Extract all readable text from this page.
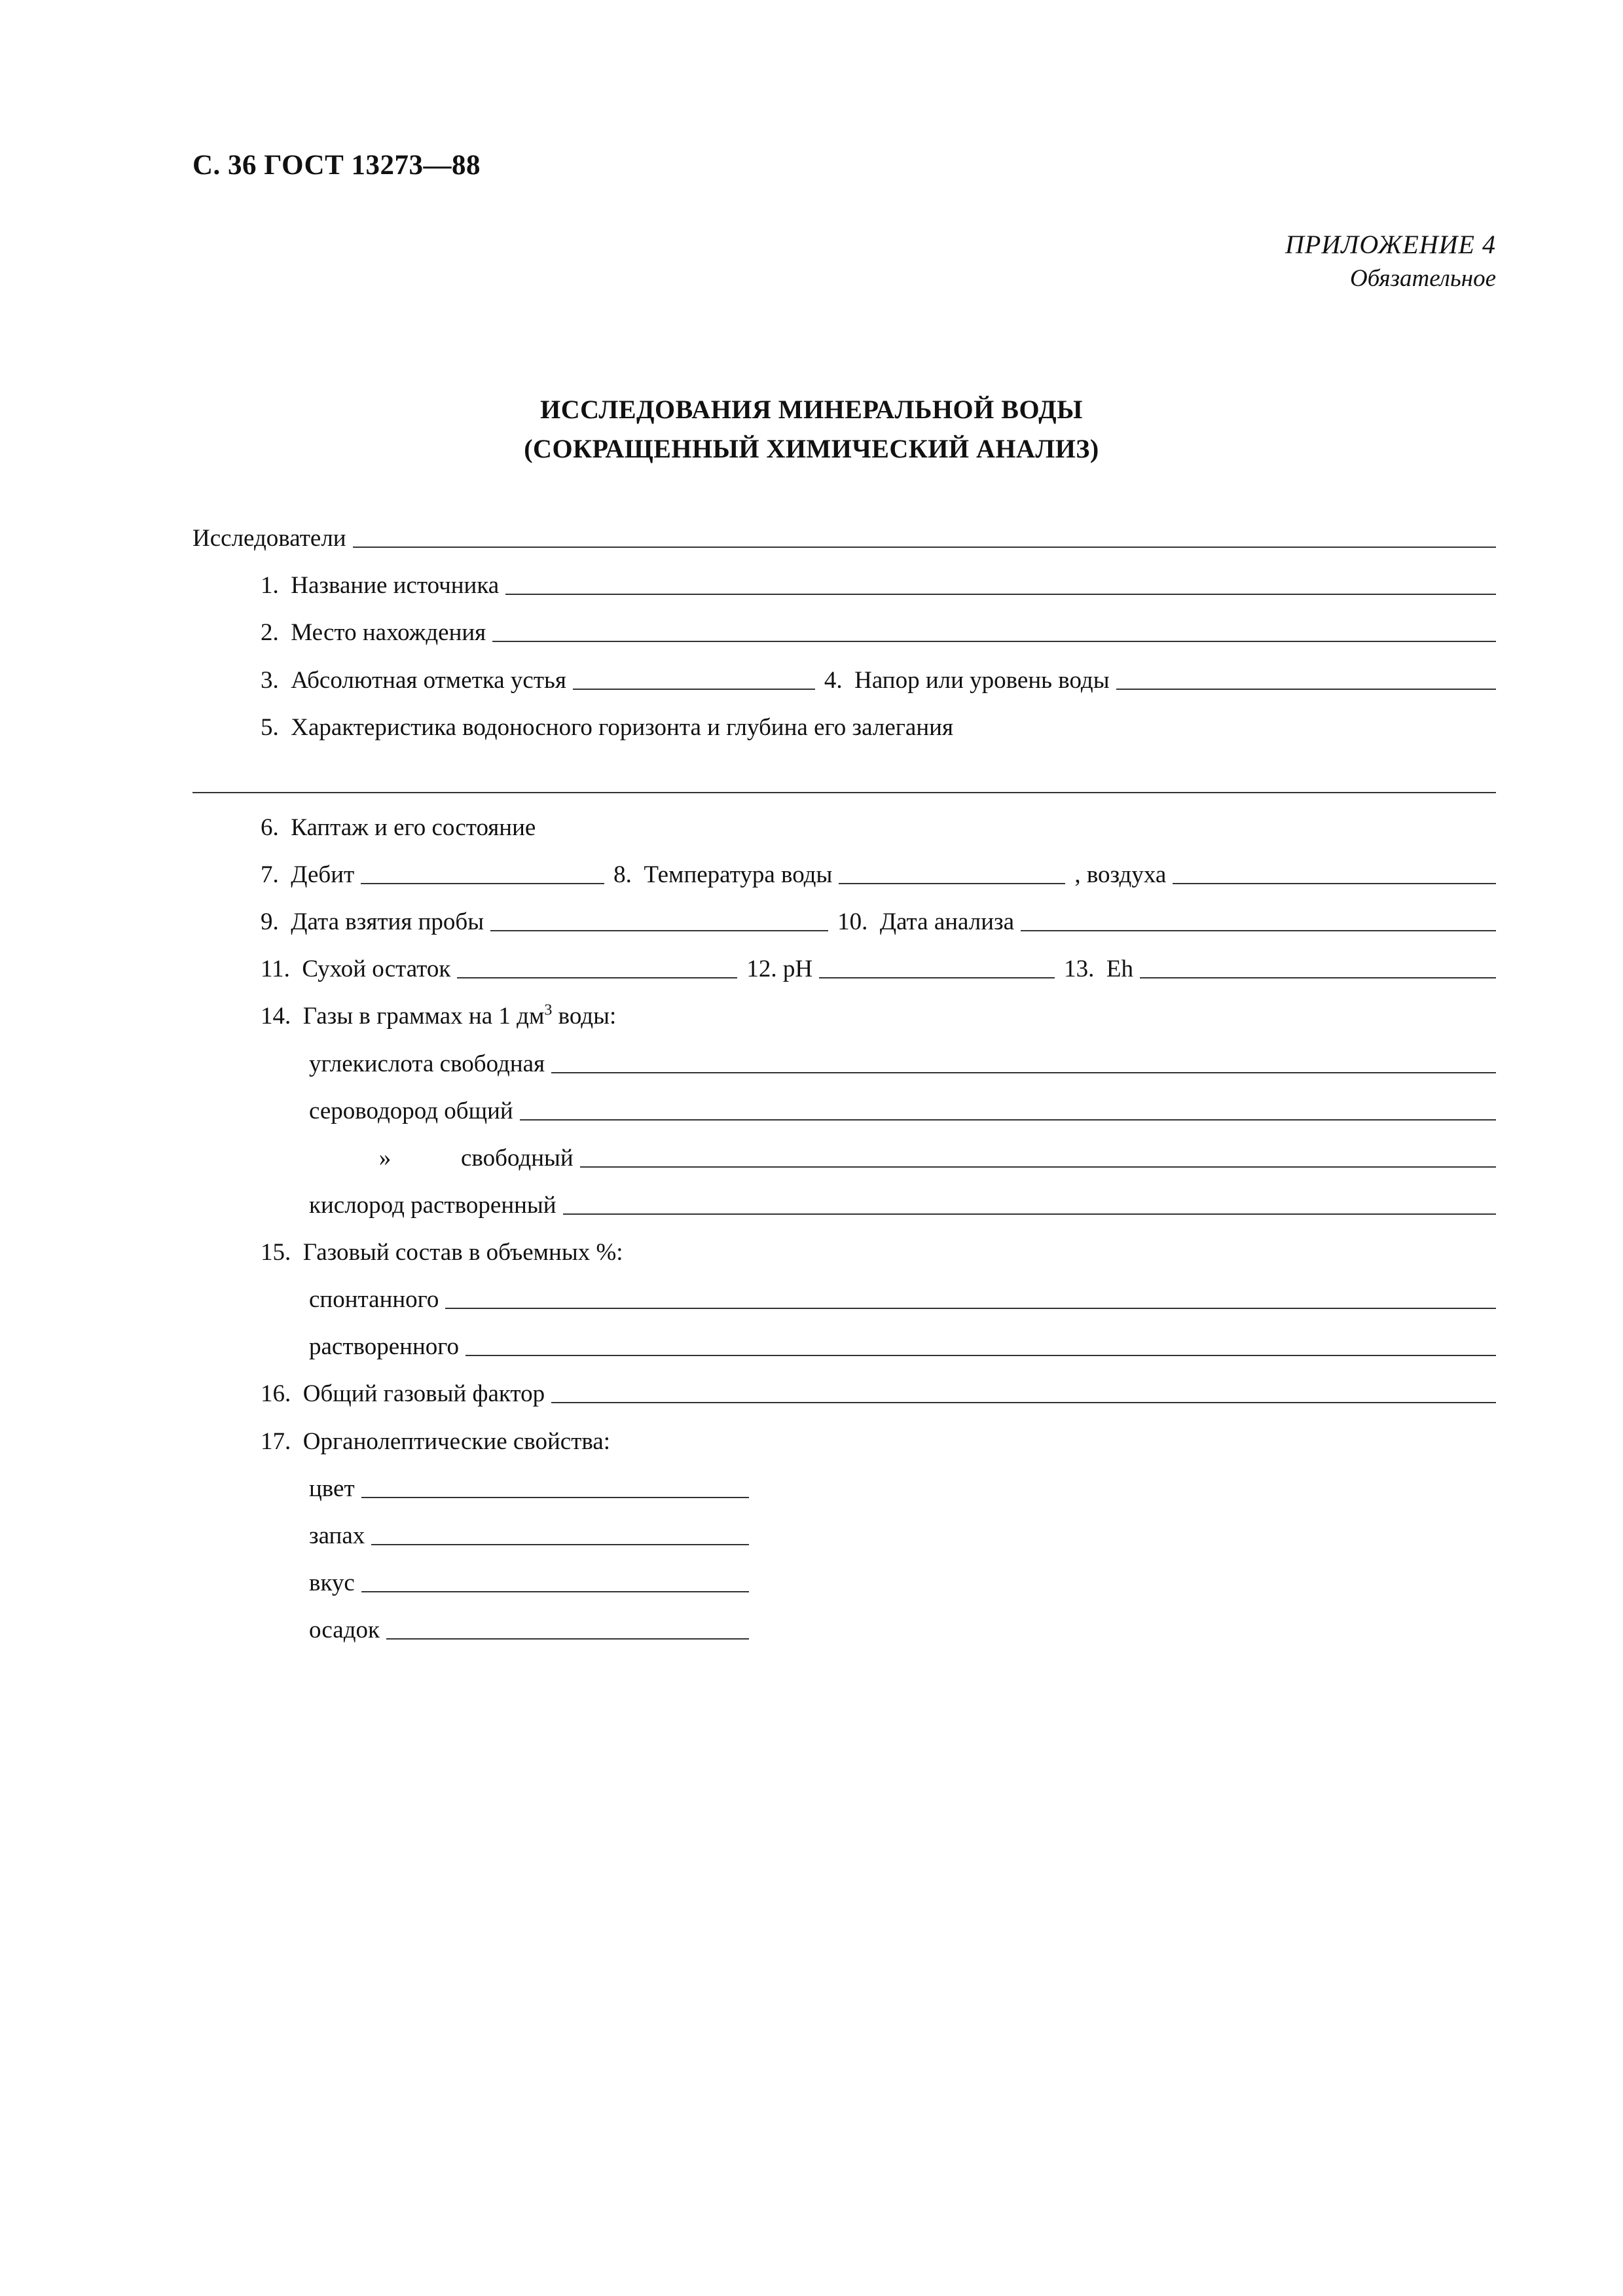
С. 36 ГОСТ 13273—88
ПРИЛОЖЕНИЕ 4
Обязательное
ИССЛЕДОВАНИЯ МИНЕРАЛЬНОЙ ВОДЫ
(СОКРАЩЕННЫЙ ХИМИЧЕСКИЙ АНАЛИЗ)
Исследователи
1.  Название источника
2.  Место нахождения
3.  Абсолютная отметка устья	4.  Напор или уровень воды
5.  Характеристика водоносного горизонта и глубина его залегания
6.  Каптаж и его состояние
7.  Дебит	8.  Температура воды	, воздуха
9.  Дата взятия пробы	10.  Дата анализа
11.  Сухой остаток	12. pH	13.  Eh
14.  Газы в граммах на 1 $дм^3$ воды:
углекислота свободная
сероводород общий
»	свободный
кислород растворенный
15.  Газовый состав в объемных %:
спонтанного
растворенного
16.  Общий газовый фактор
17.  Органолептические свойства:
цвет
запах
вкус
осадок
